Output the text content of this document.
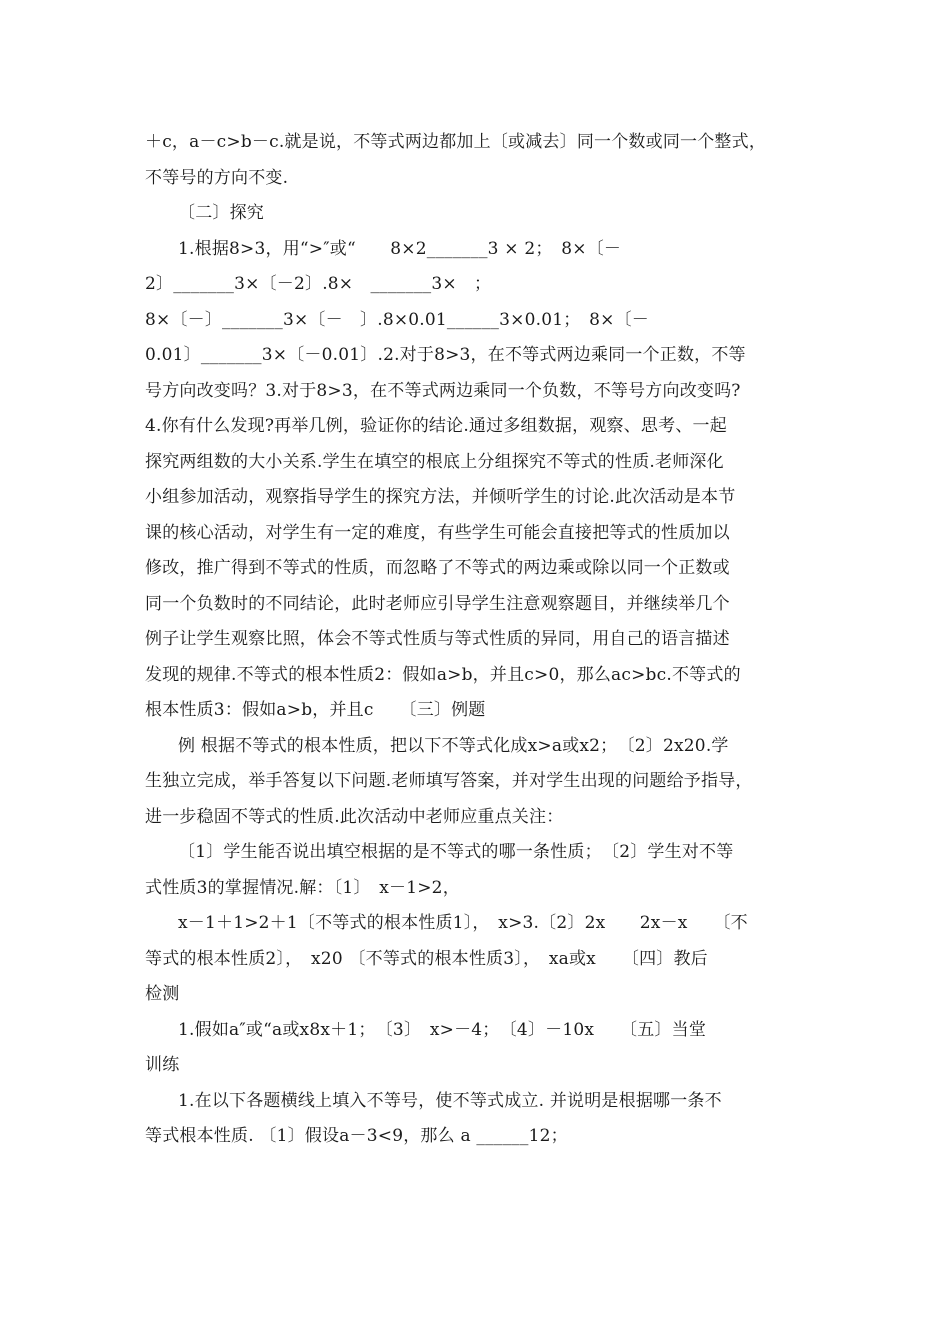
＋c，a－c>b－c.就是说，不等式两边都加上〔或减去〕同一个数或同一个整式，
不等号的方向不变.
〔二〕探究
1.根据8>3，用“>″或“　　8×2_______3 × 2；　8×〔－
2〕_______3×〔－2〕.8×　_______3×　；
8×〔－〕_______3×〔－　〕.8×0.01______3×0.01；　8×〔－
0.01〕_______3×〔－0.01〕.2.对于8>3，在不等式两边乘同一个正数，不等
号方向改变吗？3.对于8>3，在不等式两边乘同一个负数，不等号方向改变吗?
4.你有什么发现?再举几例，验证你的结论.通过多组数据，观察、思考、一起
探究两组数的大小关系.学生在填空的根底上分组探究不等式的性质.老师深化
小组参加活动，观察指导学生的探究方法，并倾听学生的讨论.此次活动是本节
课的核心活动，对学生有一定的难度，有些学生可能会直接把等式的性质加以
修改，推广得到不等式的性质，而忽略了不等式的两边乘或除以同一个正数或
同一个负数时的不同结论，此时老师应引导学生注意观察题目，并继续举几个
例子让学生观察比照，体会不等式性质与等式性质的异同，用自己的语言描述
发现的规律.不等式的根本性质2：假如a>b，并且c>0，那么ac>bc.不等式的
根本性质3：假如a>b，并且c　　〔三〕例题
例 根据不等式的根本性质，把以下不等式化成x>a或x2；　〔2〕2x20.学
生独立完成，举手答复以下问题.老师填写答案，并对学生出现的问题给予指导，
进一步稳固不等式的性质.此次活动中老师应重点关注：
〔1〕学生能否说出填空根据的是不等式的哪一条性质；　〔2〕学生对不等
式性质3的掌握情况.解：〔1〕　x－1>2，
x－1＋1>2＋1〔不等式的根本性质1〕，　x>3.〔2〕2x　　2x－x　　〔不
等式的根本性质2〕，　x20 〔不等式的根本性质3〕，　xa或x　　〔四〕教后
检测
1.假如a″或“a或x8x＋1；　〔3〕　x>－4；　〔4〕－10x　　〔五〕当堂
训练
1.在以下各题横线上填入不等号，使不等式成立. 并说明是根据哪一条不
等式根本性质. 〔1〕假设a－3<9，那么 a ______12；
